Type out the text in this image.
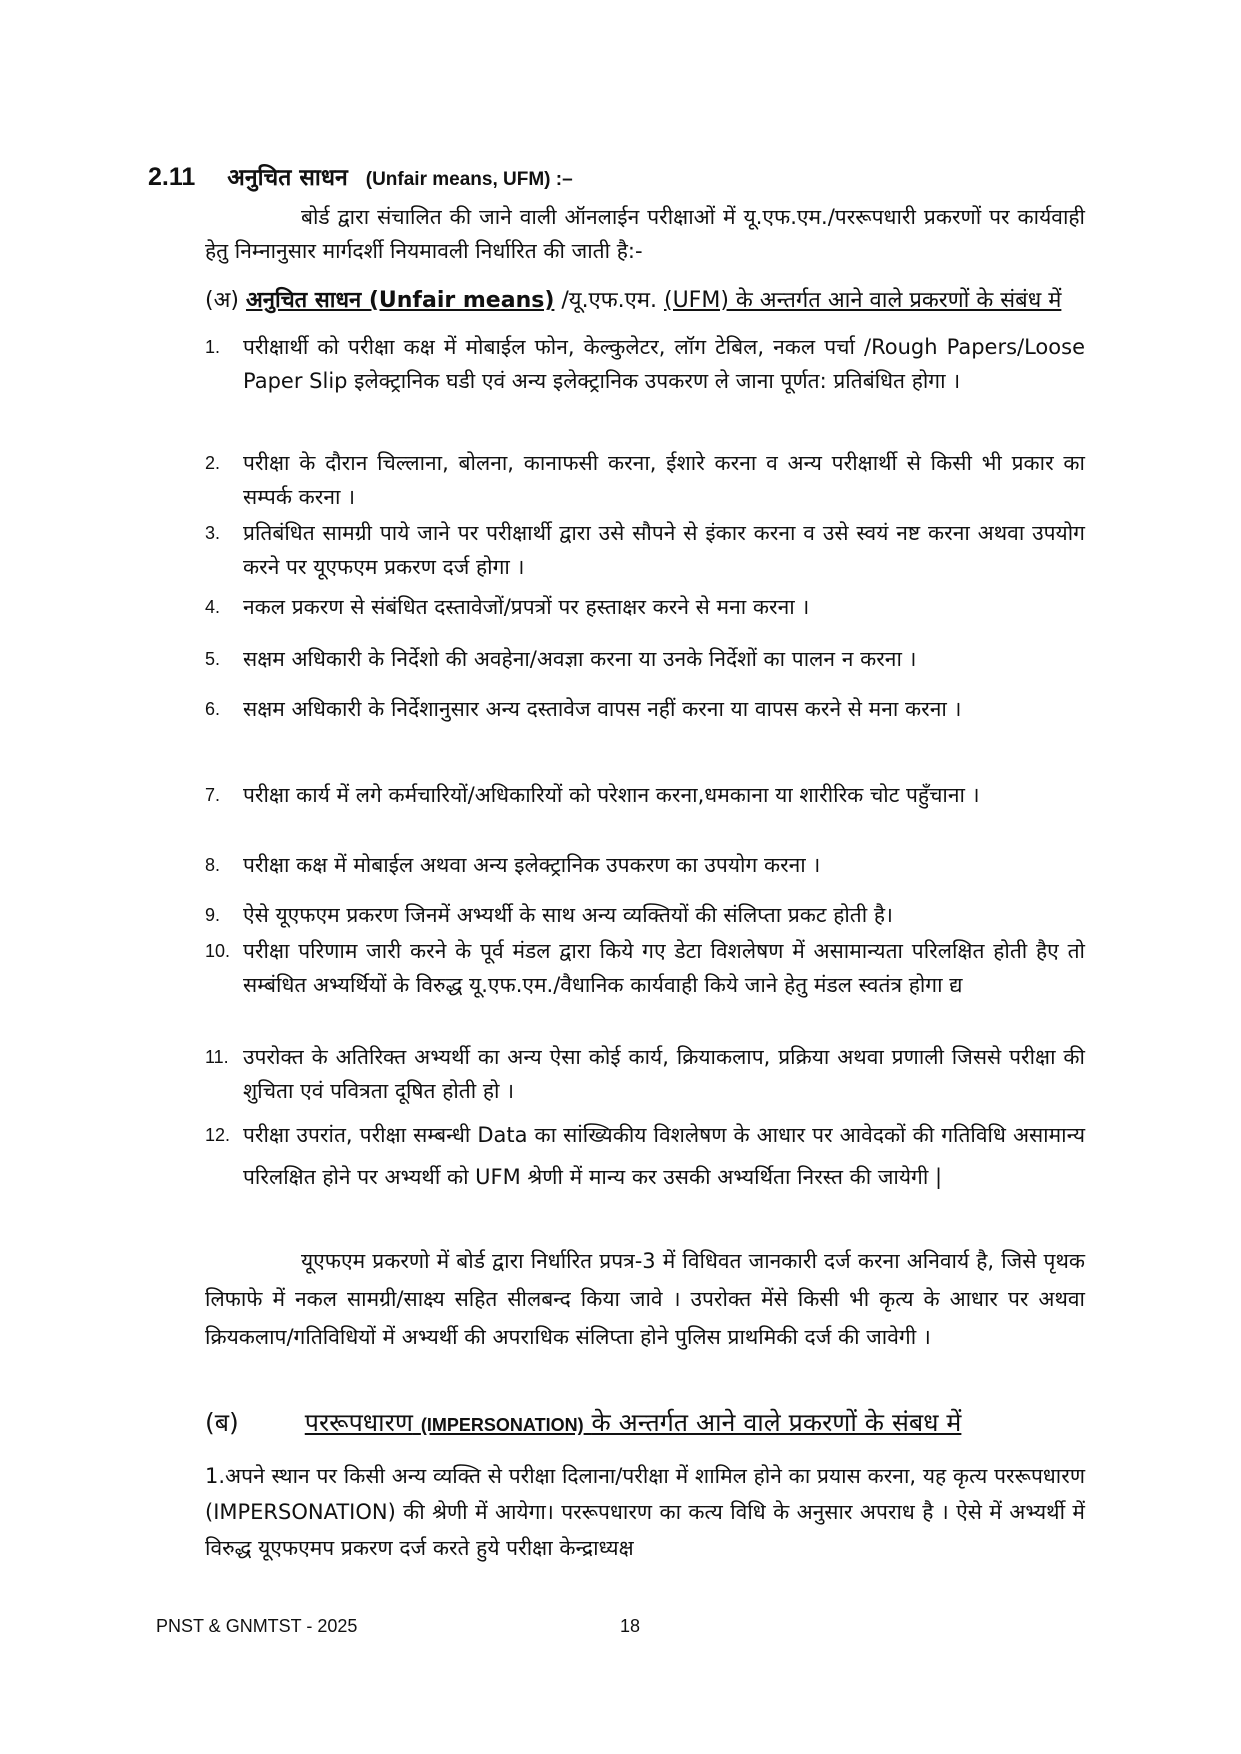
2.11 अनुचित साधन (Unfair means, UFM) :–
बोर्ड द्वारा संचालित की जाने वाली ऑनलाईन परीक्षाओं में यू.एफ.एम./पररूपधारी प्रकरणों पर कार्यवाही हेतु निम्नानुसार मार्गदर्शी नियमावली निर्धारित की जाती है:-
(अ) अनुचित साधन (Unfair means) /यू.एफ.एम. (UFM) के अन्तर्गत आने वाले प्रकरणों के संबंध में
1. परीक्षार्थी को परीक्षा कक्ष में मोबाईल फोन, केल्कुलेटर, लॉग टेबिल, नकल पर्चा /Rough Papers/Loose Paper Slip इलेक्ट्रानिक घडी एवं अन्य इलेक्ट्रानिक उपकरण ले जाना पूर्णत: प्रतिबंधित होगा ।
2. परीक्षा के दौरान चिल्लाना, बोलना, कानाफसी करना, ईशारे करना व अन्य परीक्षार्थी से किसी भी प्रकार का सम्पर्क करना ।
3. प्रतिबंधित सामग्री पाये जाने पर परीक्षार्थी द्वारा उसे सौपने से इंकार करना व उसे स्वयं नष्ट करना अथवा उपयोग करने पर यूएफएम प्रकरण दर्ज होगा ।
4. नकल प्रकरण से संबंधित दस्तावेजों/प्रपत्रों पर हस्ताक्षर करने से मना करना ।
5. सक्षम अधिकारी के निर्देशो की अवहेना/अवज्ञा करना या उनके निर्देशों का पालन न करना ।
6. सक्षम अधिकारी के निर्देशानुसार अन्य दस्तावेज वापस नहीं करना या वापस करने से मना करना ।
7. परीक्षा कार्य में लगे कर्मचारियों/अधिकारियों को परेशान करना,धमकाना या शारीरिक चोट पहुँचाना ।
8. परीक्षा कक्ष में मोबाईल अथवा अन्य इलेक्ट्रानिक उपकरण का उपयोग करना ।
9. ऐसे यूएफएम प्रकरण जिनमें अभ्यर्थी के साथ अन्य व्यक्तियों की संलिप्ता प्रकट होती है।
10. परीक्षा परिणाम जारी करने के पूर्व मंडल द्वारा किये गए डेटा विशलेषण में असामान्यता परिलक्षित होती हैए तो सम्बंधित अभ्यर्थियों के विरुद्ध यू.एफ.एम./वैधानिक कार्यवाही किये जाने हेतु मंडल स्वतंत्र होगा द्य
11. उपरोक्त के अतिरिक्त अभ्यर्थी का अन्य ऐसा कोई कार्य, क्रियाकलाप, प्रक्रिया अथवा प्रणाली जिससे परीक्षा की शुचिता एवं पवित्रता दूषित होती हो ।
12. परीक्षा उपरांत, परीक्षा सम्बन्धी Data का सांख्यिकीय विशलेषण के आधार पर आवेदकों की गतिविधि असामान्य परिलक्षित होने पर अभ्यर्थी को UFM श्रेणी में मान्य कर उसकी अभ्यर्थिता निरस्त की जायेगी |
यूएफएम प्रकरणो में बोर्ड द्वारा निर्धारित प्रपत्र-3 में विधिवत जानकारी दर्ज करना अनिवार्य है, जिसे पृथक लिफाफे में नकल सामग्री/साक्ष्य सहित सीलबन्द किया जावे । उपरोक्त मेंसे किसी भी कृत्य के आधार पर अथवा क्रियकलाप/गतिविधियों में अभ्यर्थी की अपराधिक संलिप्ता होने पुलिस प्राथमिकी दर्ज की जावेगी ।
(ब)	पररूपधारण (IMPERSONATION) के अन्तर्गत आने वाले प्रकरणों के संबध में
1.अपने स्थान पर किसी अन्य व्यक्ति से परीक्षा दिलाना/परीक्षा में शामिल होने का प्रयास करना, यह कृत्य पररूपधारण (IMPERSONATION) की श्रेणी में आयेगा। पररूपधारण का कत्य विधि के अनुसार अपराध है । ऐसे में अभ्यर्थी में विरुद्ध यूएफएमप प्रकरण दर्ज करते हुये परीक्षा केन्द्राध्यक्ष
PNST & GNMTST - 2025	18
